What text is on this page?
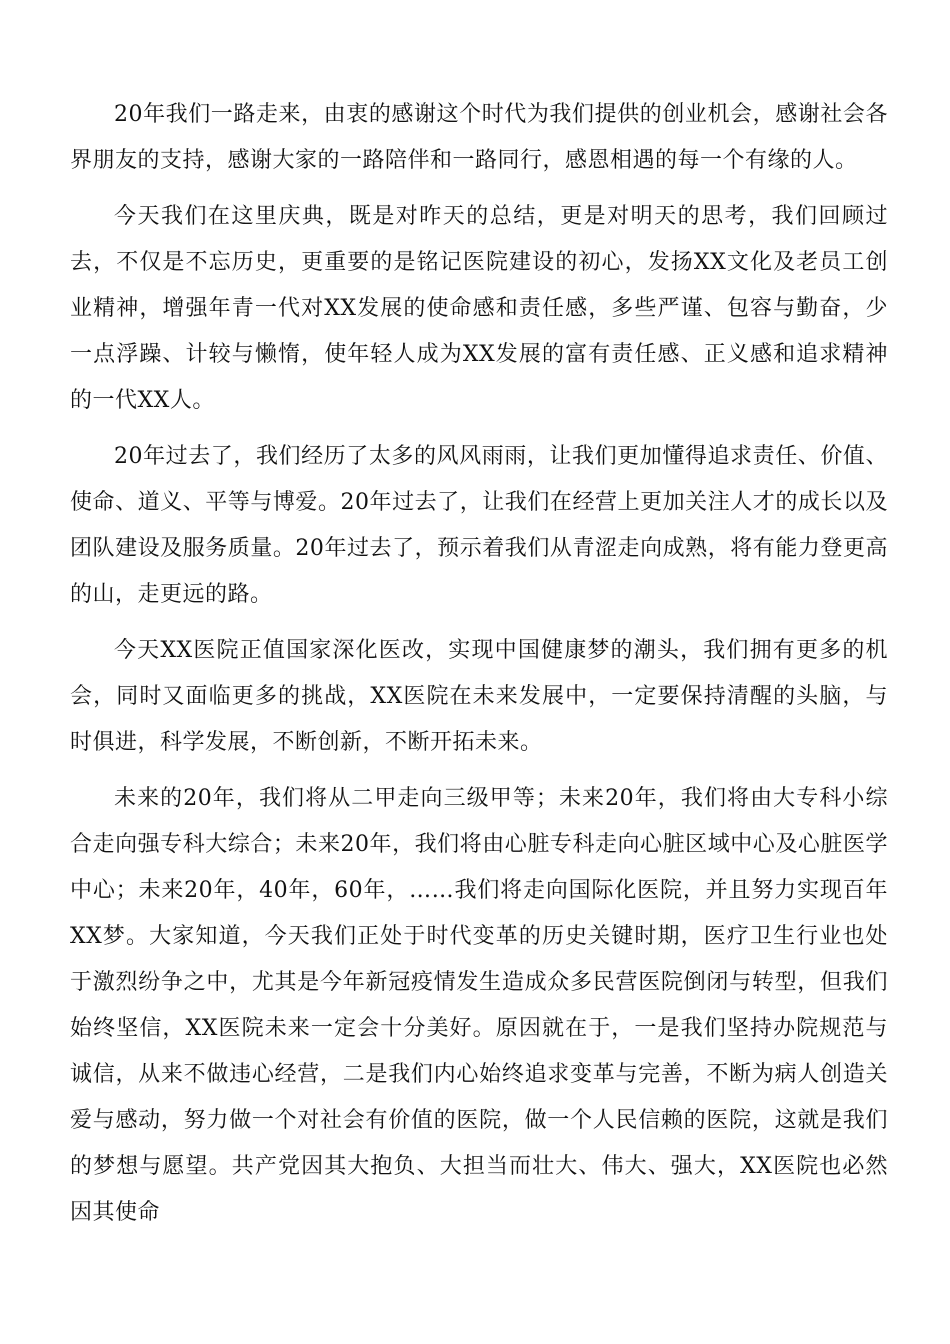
20年我们一路走来，由衷的感谢这个时代为我们提供的创业机会，感谢社会各界朋友的支持，感谢大家的一路陪伴和一路同行，感恩相遇的每一个有缘的人。

今天我们在这里庆典，既是对昨天的总结，更是对明天的思考，我们回顾过去，不仅是不忘历史，更重要的是铭记医院建设的初心，发扬XX文化及老员工创业精神，增强年青一代对XX发展的使命感和责任感，多些严谨、包容与勤奋，少一点浮躁、计较与懒惰，使年轻人成为XX发展的富有责任感、正义感和追求精神的一代XX人。

20年过去了，我们经历了太多的风风雨雨，让我们更加懂得追求责任、价值、使命、道义、平等与博爱。20年过去了，让我们在经营上更加关注人才的成长以及团队建设及服务质量。20年过去了，预示着我们从青涩走向成熟，将有能力登更高的山，走更远的路。

今天XX医院正值国家深化医改，实现中国健康梦的潮头，我们拥有更多的机会，同时又面临更多的挑战，XX医院在未来发展中，一定要保持清醒的头脑，与时俱进，科学发展，不断创新，不断开拓未来。

未来的20年，我们将从二甲走向三级甲等；未来20年，我们将由大专科小综合走向强专科大综合；未来20年，我们将由心脏专科走向心脏区域中心及心脏医学中心；未来20年，40年，60年，……我们将走向国际化医院，并且努力实现百年XX梦。大家知道，今天我们正处于时代变革的历史关键时期，医疗卫生行业也处于激烈纷争之中，尤其是今年新冠疫情发生造成众多民营医院倒闭与转型，但我们始终坚信，XX医院未来一定会十分美好。原因就在于，一是我们坚持办院规范与诚信，从来不做违心经营，二是我们内心始终追求变革与完善，不断为病人创造关爱与感动，努力做一个对社会有价值的医院，做一个人民信赖的医院，这就是我们的梦想与愿望。共产党因其大抱负、大担当而壮大、伟大、强大，XX医院也必然因其使命
